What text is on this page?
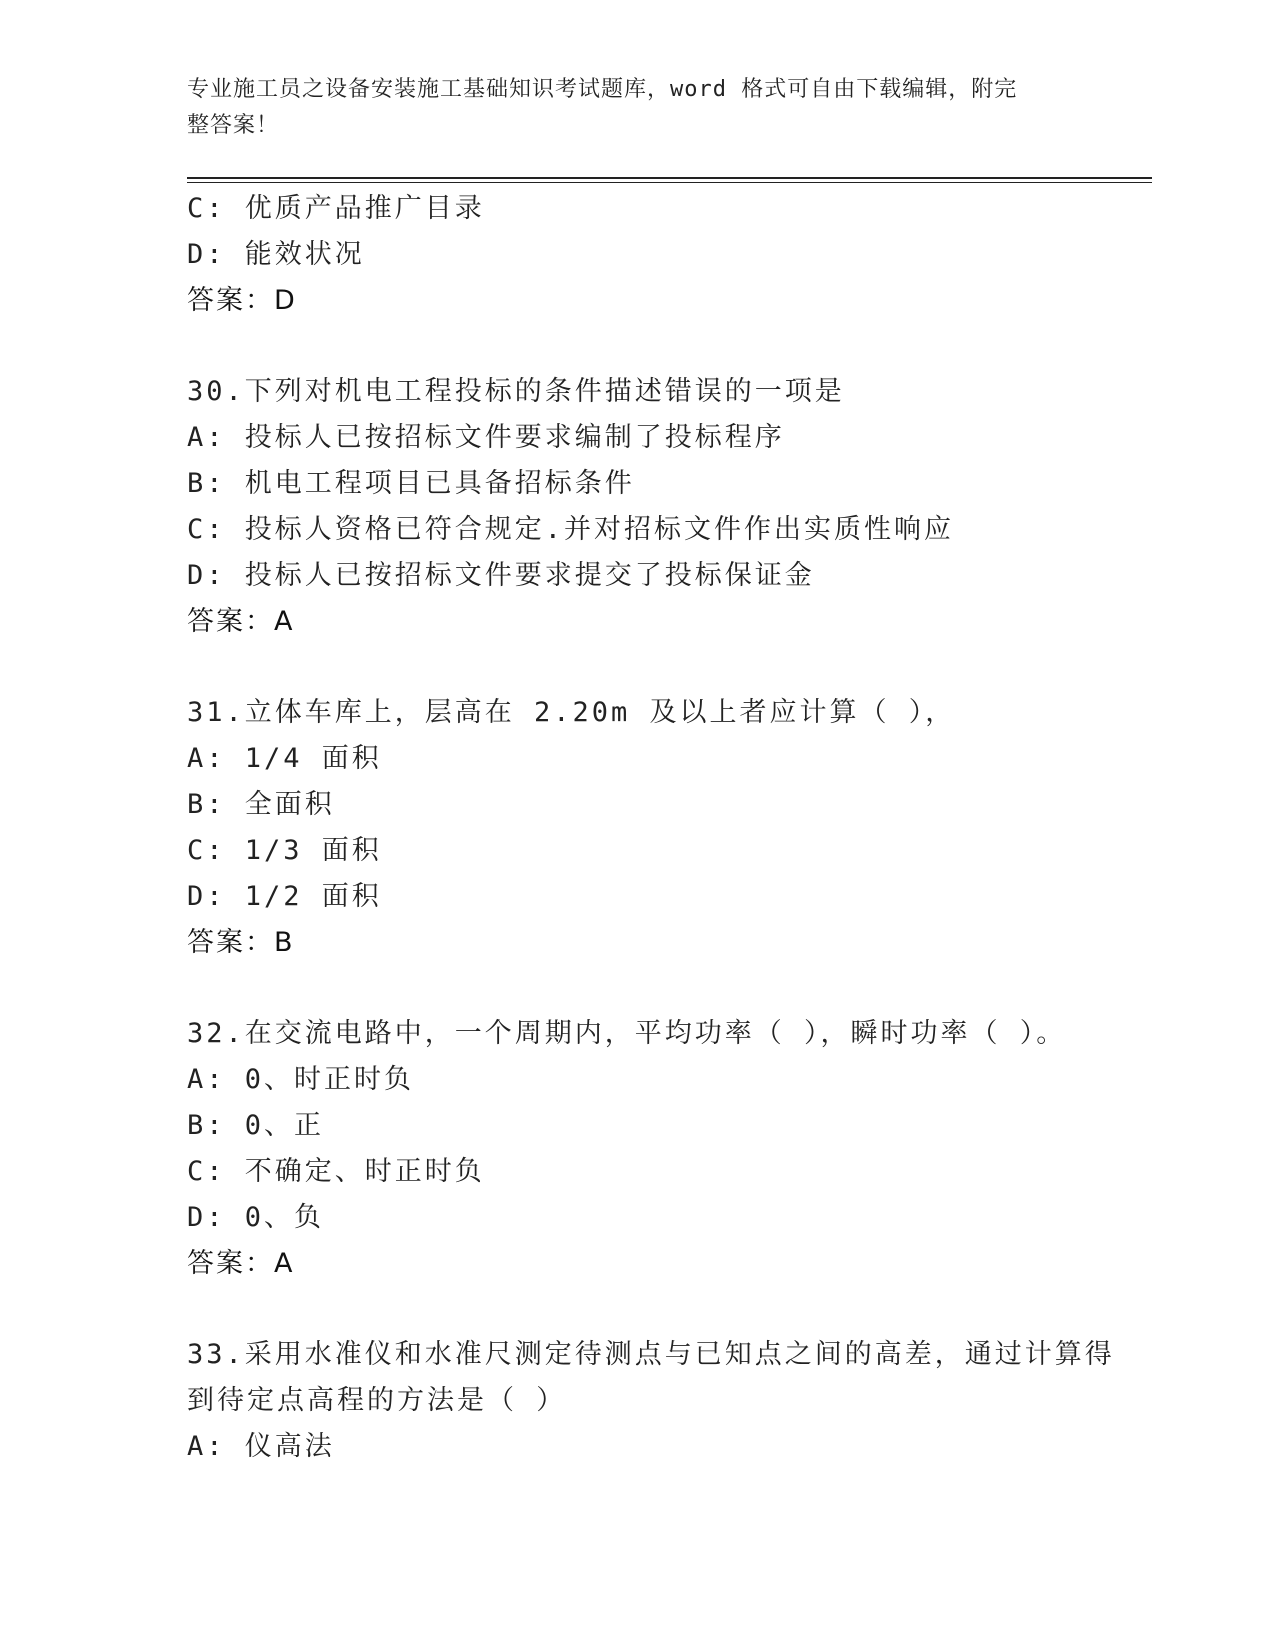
专业施工员之设备安装施工基础知识考试题库，word 格式可自由下载编辑，附完
整答案！
C: 优质产品推广目录
D: 能效状况
答案：D
30.下列对机电工程投标的条件描述错误的一项是
A: 投标人已按招标文件要求编制了投标程序
B: 机电工程项目已具备招标条件
C: 投标人资格已符合规定.并对招标文件作出实质性响应
D: 投标人已按招标文件要求提交了投标保证金
答案：A
31.立体车库上，层高在 2.20m 及以上者应计算（ ），
A: 1/4 面积
B: 全面积
C: 1/3 面积
D: 1/2 面积
答案：B
32.在交流电路中，一个周期内，平均功率（ ），瞬时功率（ ）。
A: 0、时正时负
B: 0、正
C: 不确定、时正时负
D: 0、负
答案：A
33.采用水准仪和水准尺测定待测点与已知点之间的高差，通过计算得
到待定点高程的方法是（ ）
A: 仪高法
